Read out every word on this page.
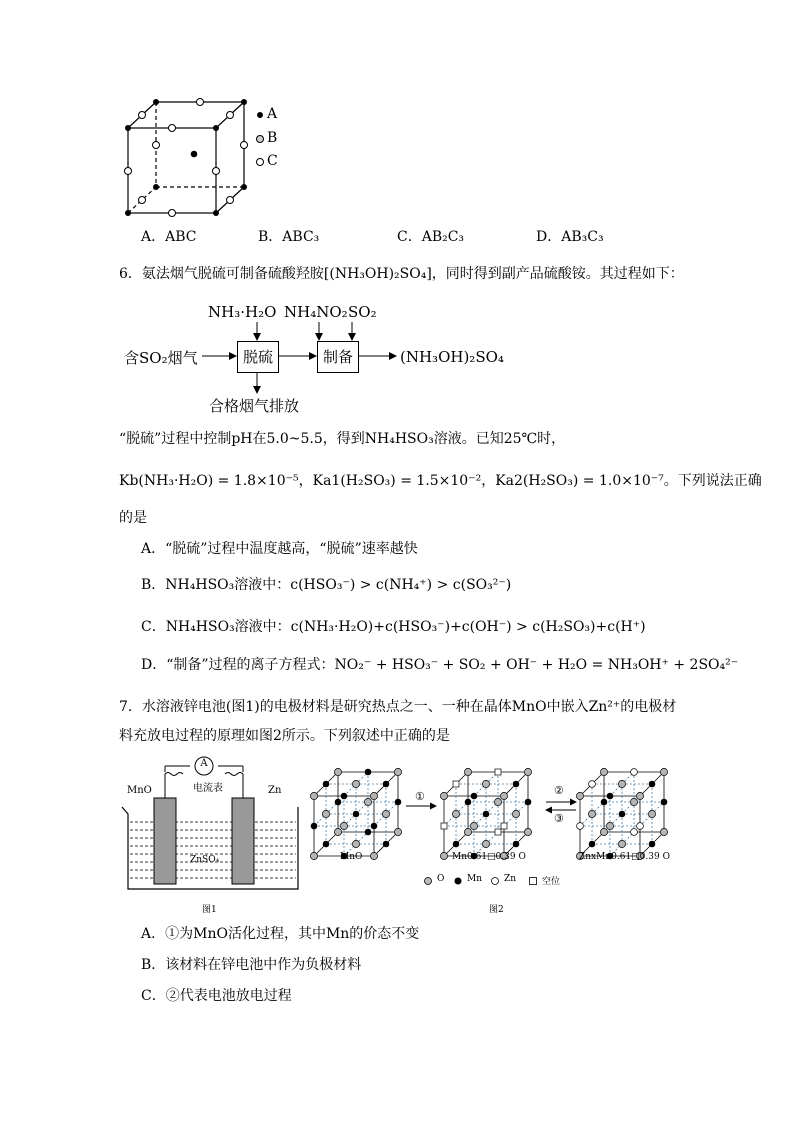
A
B
C
A．ABC	B．ABC₃	C．AB₂C₃	D．AB₃C₃
6．氨法烟气脱硫可制备硫酸羟胺[(NH₃OH)₂SO₄]，同时得到副产品硫酸铵。其过程如下：
NH₃·H₂O NH₄NO₂ SO₂
含SO₂烟气	脱硫	制备	(NH₃OH)₂SO₄
合格烟气排放
“脱硫”过程中控制pH在5.0~5.5，得到NH₄HSO₃溶液。已知25℃时，
Kb(NH₃·H₂O) = 1.8×10⁻⁵，Ka1(H₂SO₃) = 1.5×10⁻²，Ka2(H₂SO₃) = 1.0×10⁻⁷。下列说法正确
的是
A．“脱硫”过程中温度越高，“脱硫”速率越快
B．NH₄HSO₃溶液中：c(HSO₃⁻) > c(NH₄⁺) > c(SO₃²⁻)
C．NH₄HSO₃溶液中：c(NH₃·H₂O)+c(HSO₃⁻)+c(OH⁻) > c(H₂SO₃)+c(H⁺)
D．“制备”过程的离子方程式：NO₂⁻ + HSO₃⁻ + SO₂ + OH⁻ + H₂O = NH₃OH⁺ + 2SO₄²⁻
7．水溶液锌电池(图1)的电极材料是研究热点之一、一种在晶体MnO中嵌入Zn²⁺的电极材
料充放电过程的原理如图2所示。下列叙述中正确的是
A
电流表
MnO	Zn
ZnSO₄
图1
①	②
③
MnO	Mn0.61□0.39 O	ZnxMn0.61□0.39 O
O	Mn Zn	空位
图2
A．①为MnO活化过程，其中Mn的价态不变
B．该材料在锌电池中作为负极材料
C．②代表电池放电过程
